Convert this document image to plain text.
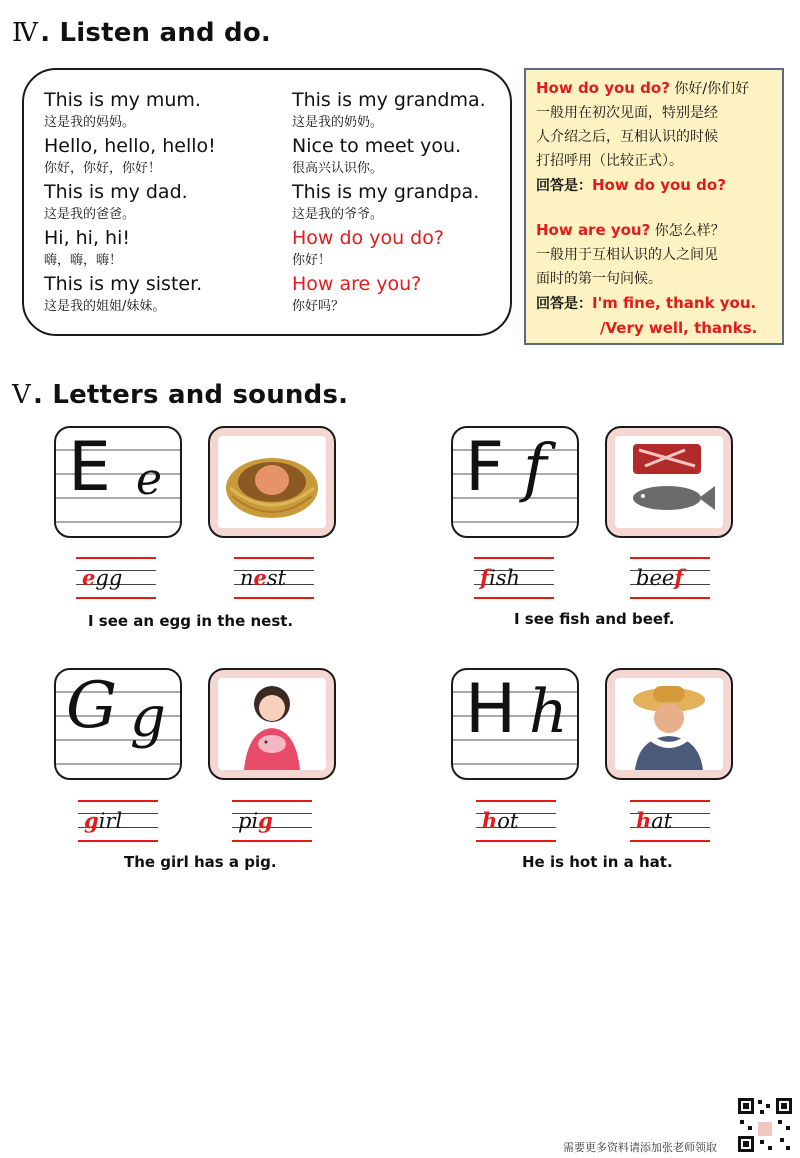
Ⅳ. Listen and do.
This is my mum.
这是我的妈妈。
Hello, hello, hello!
你好，你好，你好！
This is my dad.
这是我的爸爸。
Hi, hi, hi!
嗨，嗨，嗨！
This is my sister.
这是我的姐姐/妹妹。
This is my grandma.
这是我的奶奶。
Nice to meet you.
很高兴认识你。
This is my grandpa.
这是我的爷爷。
How do you do?
你好！
How are you?
你好吗？
How do you do? 你好/你们好
一般用在初次见面，特别是经
人介绍之后，互相认识的时候
打招呼用（比较正式）。
回答是：How do you do?
How are you? 你怎么样？
一般用于互相认识的人之间见
面时的第一句问候。
回答是：I'm fine, thank you.
/Very well, thanks.
Ⅴ. Letters and sounds.
E e
egg	nest
I see an egg in the nest.
F f
fish	beef
I see fish and beef.
G g
girl	pig
The girl has a pig.
H h
hot	hat
He is hot in a hat.
需要更多资料请添加张老师领取
